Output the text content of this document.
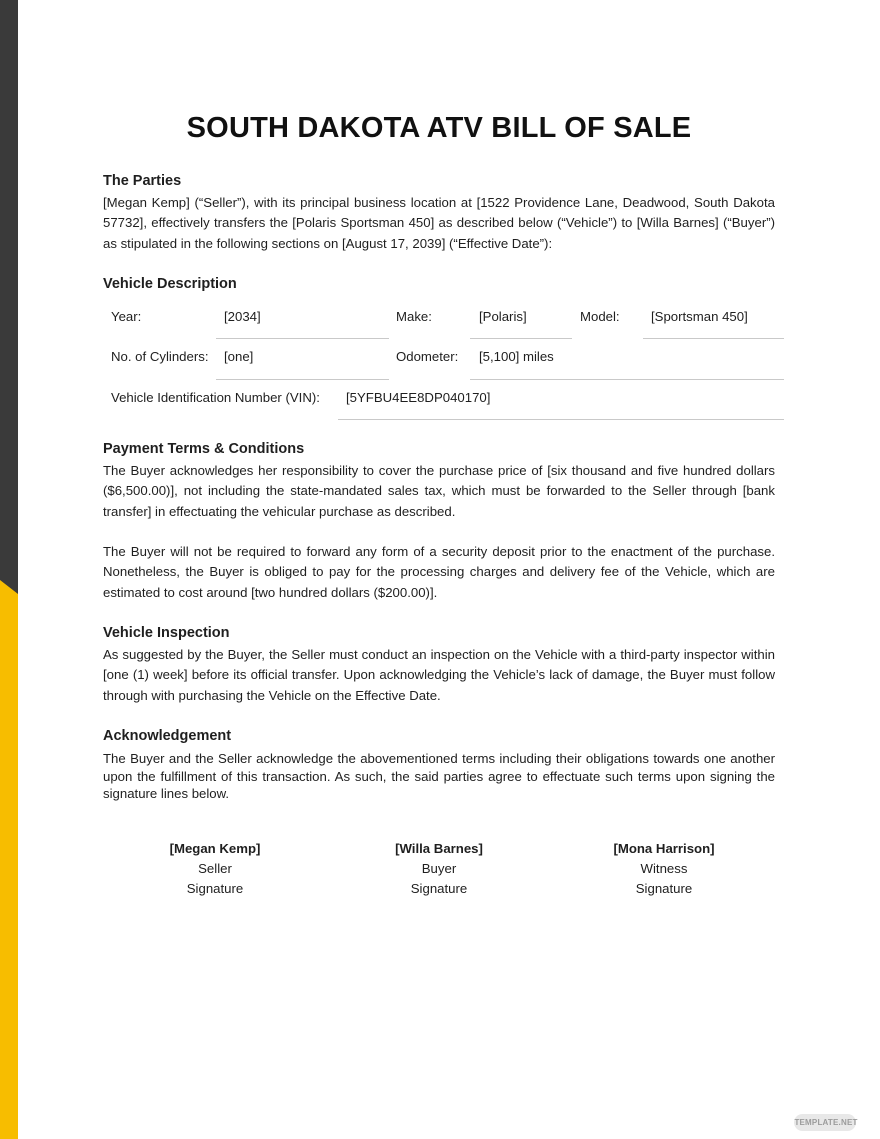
SOUTH DAKOTA ATV BILL OF SALE
The Parties
[Megan Kemp] (“Seller”), with its principal business location at [1522 Providence Lane, Deadwood, South Dakota 57732], effectively transfers the [Polaris Sportsman 450] as described below (“Vehicle”) to [Willa Barnes] (“Buyer”) as stipulated in the following sections on [August 17, 2039] (“Effective Date”):
Vehicle Description
Year:	[2034]	Make:	[Polaris]	Model: [Sportsman 450]
No. of Cylinders: [one]	Odometer: [5,100] miles
Vehicle Identification Number (VIN): [5YFBU4EE8DP040170]
Payment Terms & Conditions
The Buyer acknowledges her responsibility to cover the purchase price of [six thousand and five hundred dollars ($6,500.00)], not including the state-mandated sales tax, which must be forwarded to the Seller through [bank transfer] in effectuating the vehicular purchase as described.
The Buyer will not be required to forward any form of a security deposit prior to the enactment of the purchase. Nonetheless, the Buyer is obliged to pay for the processing charges and delivery fee of the Vehicle, which are estimated to cost around [two hundred dollars ($200.00)].
Vehicle Inspection
As suggested by the Buyer, the Seller must conduct an inspection on the Vehicle with a third-party inspector within [one (1) week] before its official transfer. Upon acknowledging the Vehicle’s lack of damage, the Buyer must follow through with purchasing the Vehicle on the Effective Date.
Acknowledgement
The Buyer and the Seller acknowledge the abovementioned terms including their obligations towards one another upon the fulfillment of this transaction. As such, the said parties agree to effectuate such terms upon signing the signature lines below.
[Megan Kemp]
Seller
Signature
[Willa Barnes]
Buyer
Signature
[Mona Harrison]
Witness
Signature
TEMPLATE.NET
